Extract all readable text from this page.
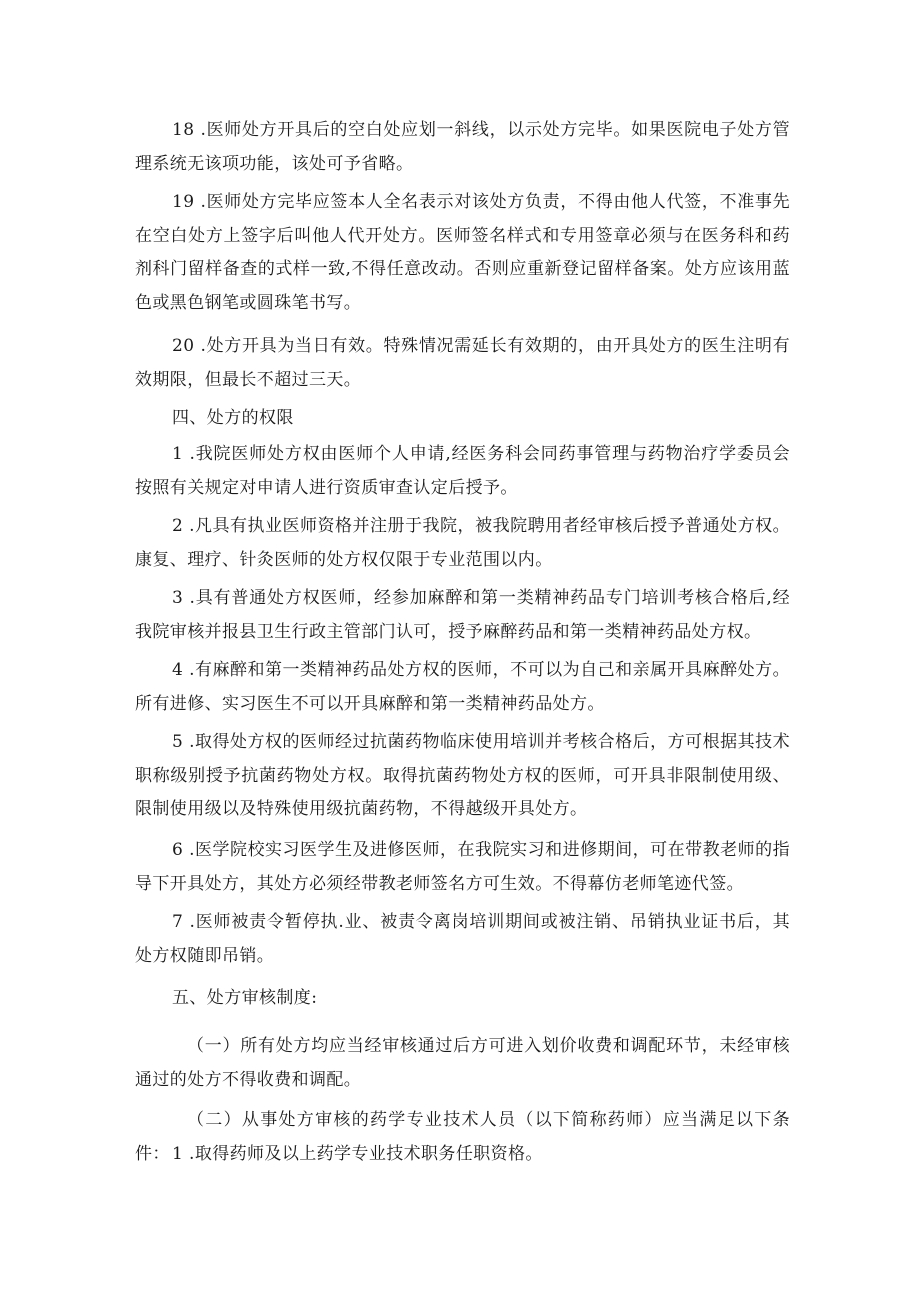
18 .医师处方开具后的空白处应划一斜线，以示处方完毕。如果医院电子处方管理系统无该项功能，该处可予省略。

19 .医师处方完毕应签本人全名表示对该处方负责，不得由他人代签，不准事先在空白处方上签字后叫他人代开处方。医师签名样式和专用签章必须与在医务科和药剂科门留样备查的式样一致,不得任意改动。否则应重新登记留样备案。处方应该用蓝色或黑色钢笔或圆珠笔书写。

20 .处方开具为当日有效。特殊情况需延长有效期的，由开具处方的医生注明有效期限，但最长不超过三天。

四、处方的权限

1 .我院医师处方权由医师个人申请,经医务科会同药事管理与药物治疗学委员会按照有关规定对申请人进行资质审查认定后授予。

2 .凡具有执业医师资格并注册于我院，被我院聘用者经审核后授予普通处方权。康复、理疗、针灸医师的处方权仅限于专业范围以内。

3 .具有普通处方权医师，经参加麻醉和第一类精神药品专门培训考核合格后,经我院审核并报县卫生行政主管部门认可，授予麻醉药品和第一类精神药品处方权。

4 .有麻醉和第一类精神药品处方权的医师，不可以为自己和亲属开具麻醉处方。所有进修、实习医生不可以开具麻醉和第一类精神药品处方。

5 .取得处方权的医师经过抗菌药物临床使用培训并考核合格后，方可根据其技术职称级别授予抗菌药物处方权。取得抗菌药物处方权的医师，可开具非限制使用级、限制使用级以及特殊使用级抗菌药物，不得越级开具处方。

6 .医学院校实习医学生及进修医师，在我院实习和进修期间，可在带教老师的指导下开具处方，其处方必须经带教老师签名方可生效。不得幕仿老师笔迹代签。

7 .医师被责令暂停执.业、被责令离岗培训期间或被注销、吊销执业证书后，其处方权随即吊销。

五、处方审核制度:

（一）所有处方均应当经审核通过后方可进入划价收费和调配环节，未经审核通过的处方不得收费和调配。

（二）从事处方审核的药学专业技术人员（以下简称药师）应当满足以下条件： 1 .取得药师及以上药学专业技术职务任职资格。
